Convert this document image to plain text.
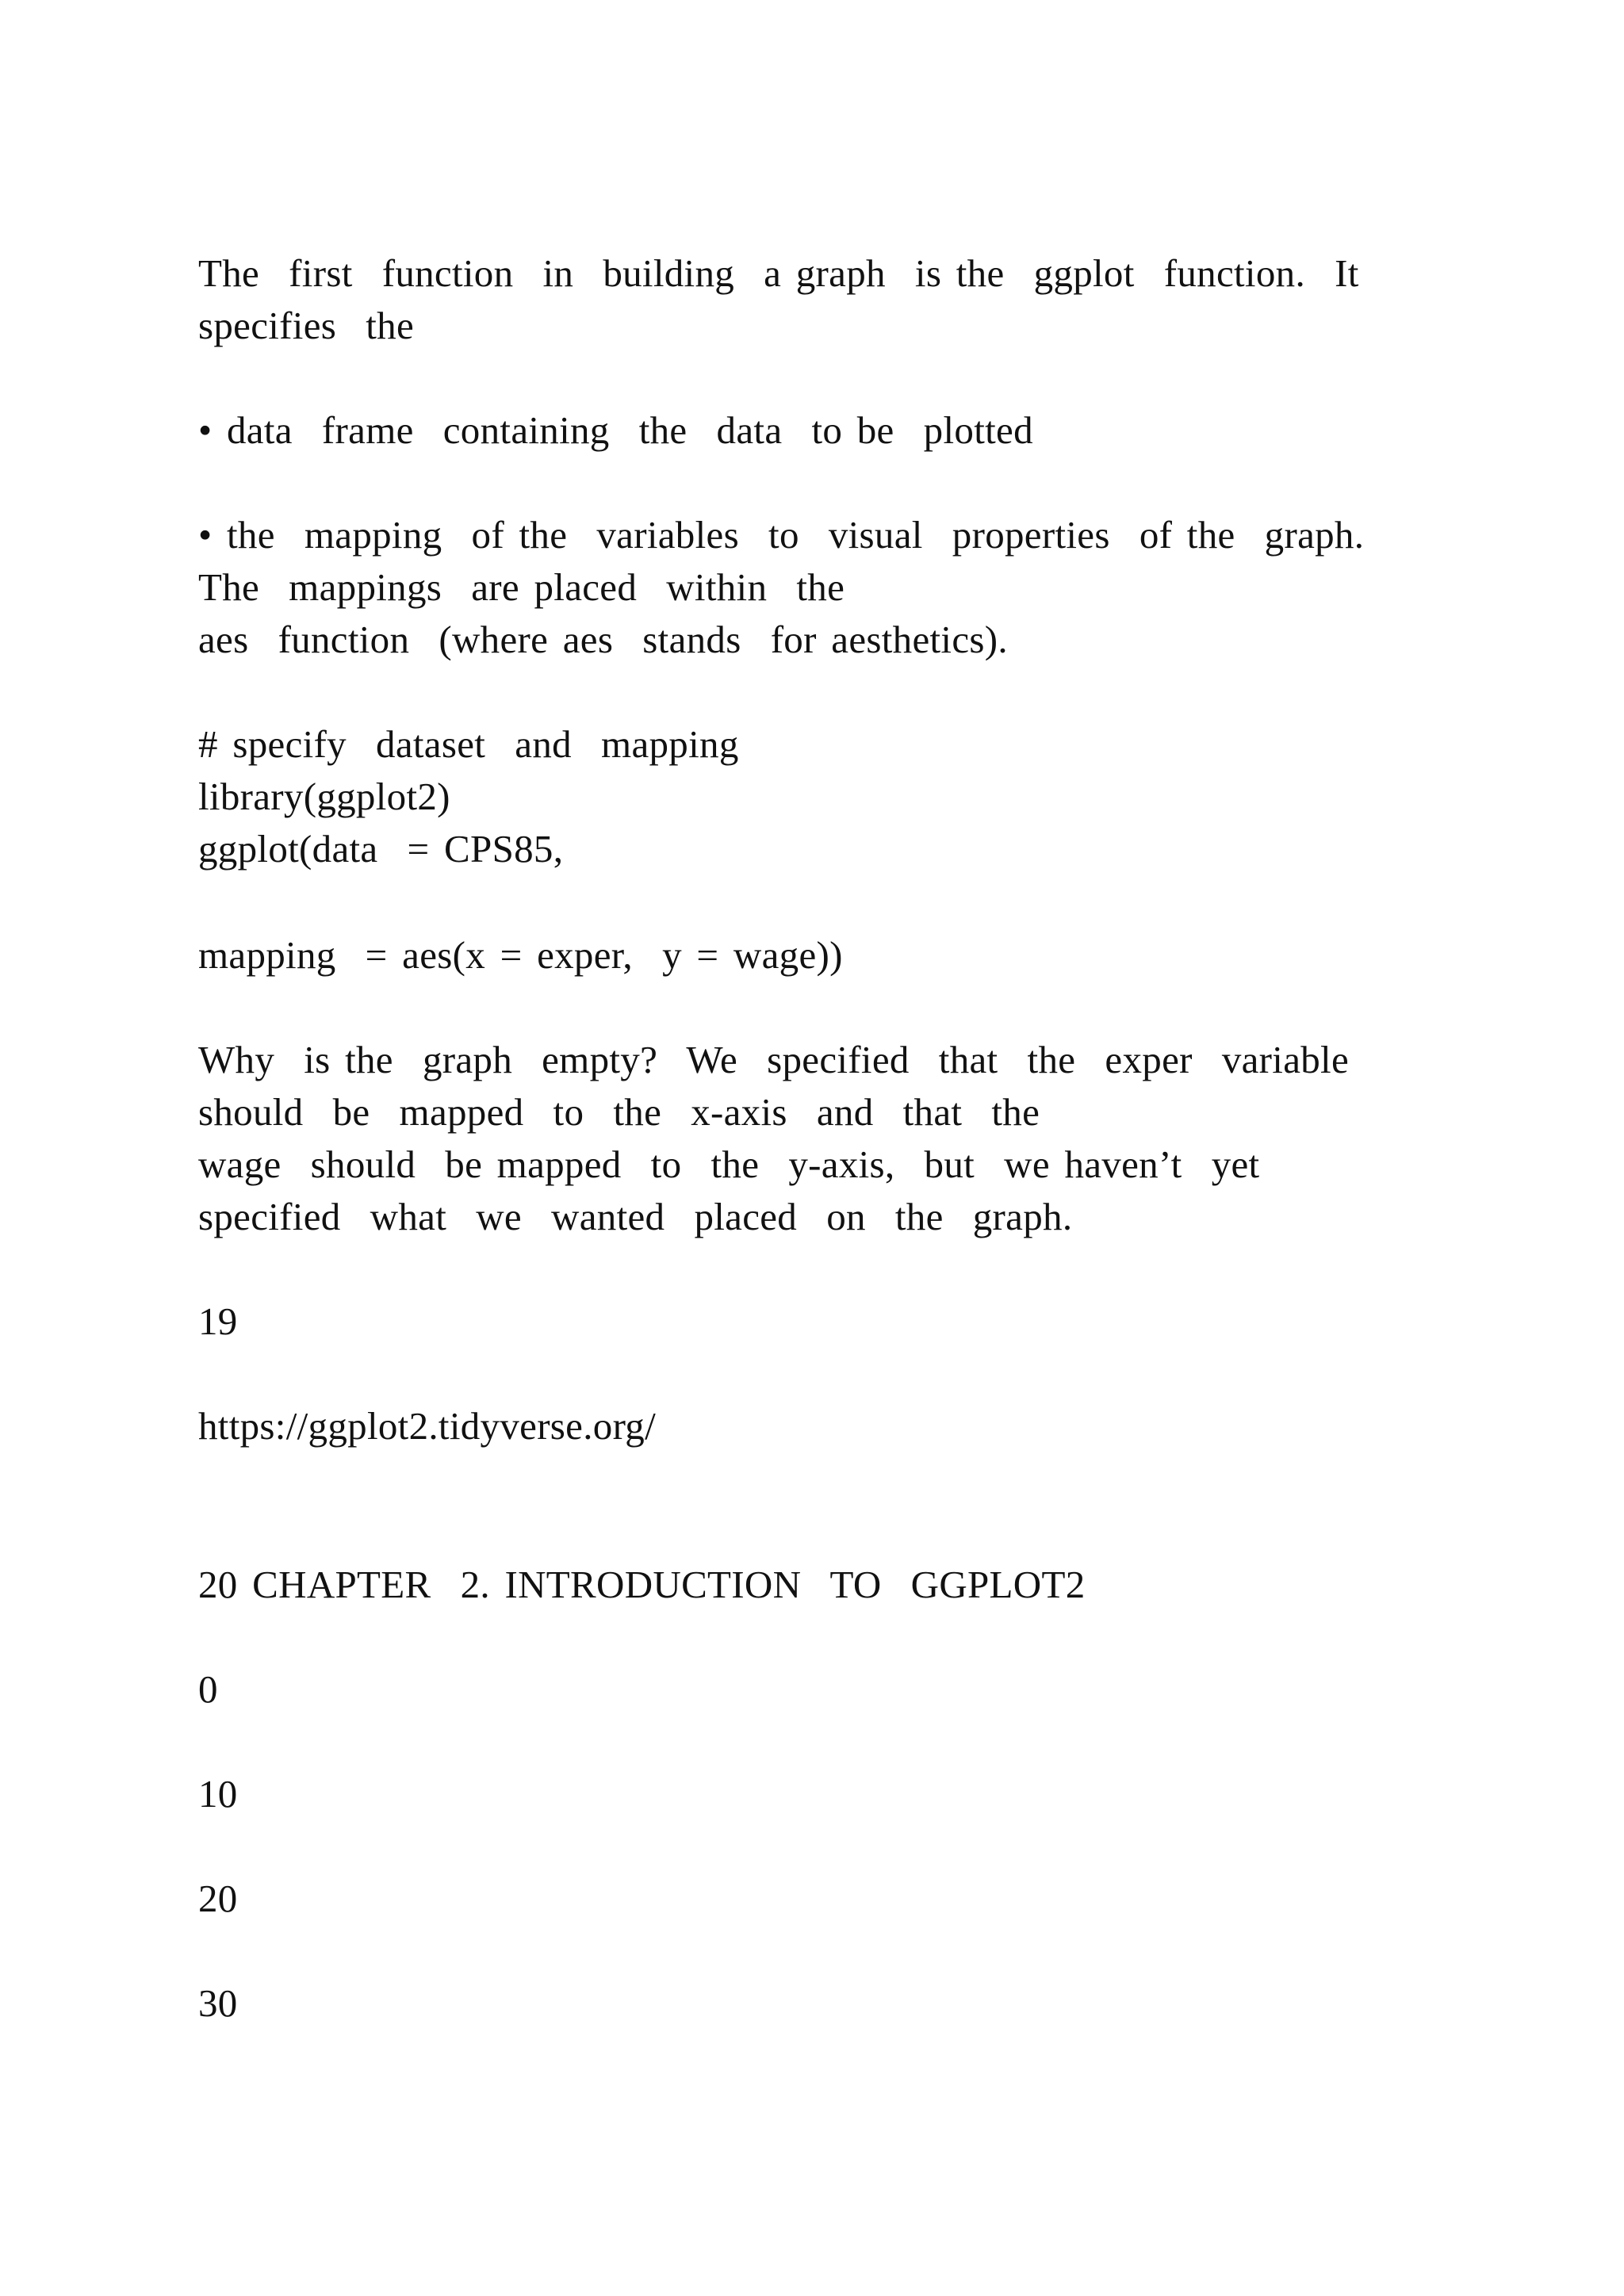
The  first  function  in  building  a graph  is the  ggplot  function.  It
specifies  the
• data  frame  containing  the  data  to be  plotted
• the  mapping  of the  variables  to  visual  properties  of the  graph.
The  mappings  are placed  within  the
aes  function  (where aes  stands  for aesthetics).
# specify  dataset  and  mapping
library(ggplot2)
ggplot(data  = CPS85,
mapping  = aes(x = exper,  y = wage))
Why  is the  graph  empty?  We  specified  that  the  exper  variable
should  be  mapped  to  the  x-axis  and  that  the
wage  should  be mapped  to  the  y-axis,  but  we haven’t  yet
specified  what  we  wanted  placed  on  the  graph.
19
https://ggplot2.tidyverse.org/
20 CHAPTER  2. INTRODUCTION  TO  GGPLOT2
0
10
20
30
